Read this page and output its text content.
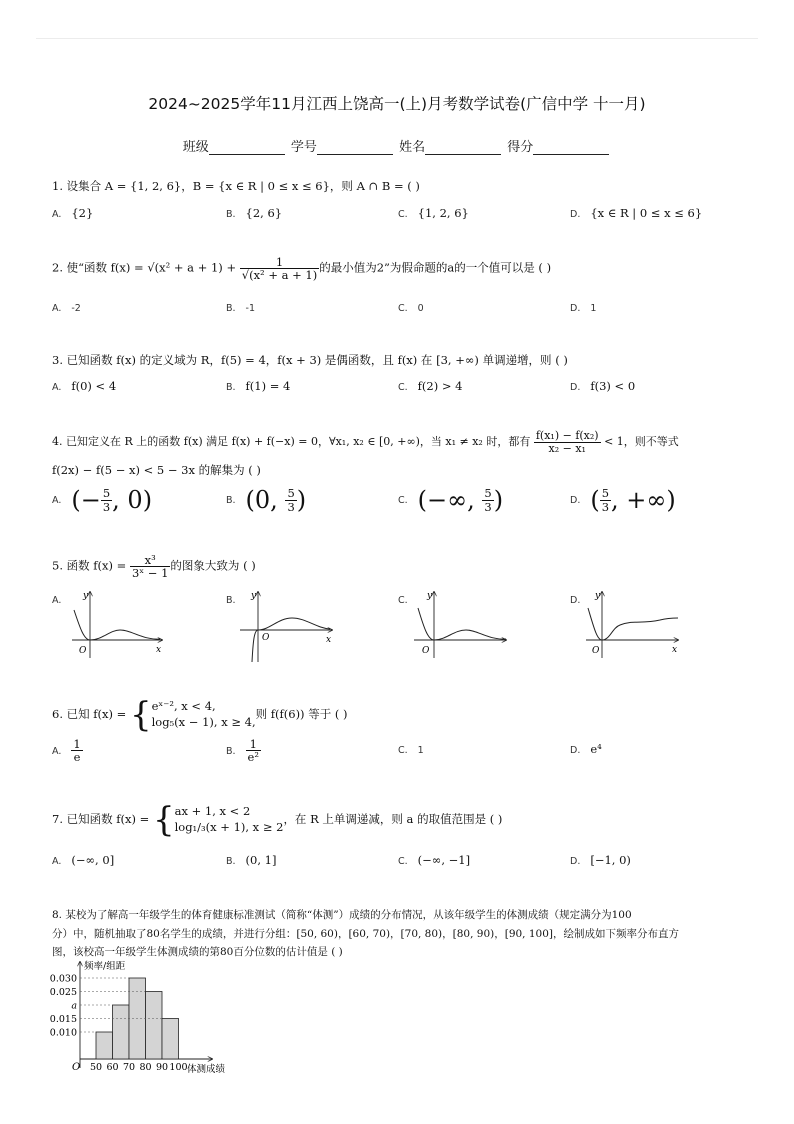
2024~2025学年11月江西上饶高一(上)月考数学试卷(广信中学 十一月)
班级	学号	姓名	得分
1. 设集合 A = {1, 2, 6}，B = {x ∈ R | 0 ≤ x ≤ 6}，则 A ∩ B = ( )
A. {2}	B. {2, 6}	C. {1, 2, 6}	D. {x ∈ R | 0 ≤ x ≤ 6}
2. 使“函数 $f(x) = √(x^2 + a + 1) + \frac{1}{\text{√(x² + a + 1)}}$ 的最小值为2”为假命题的a的一个值可以是 ( )
A. -2	B. -1	C. 0	D. 1
3. 已知函数 f(x) 的定义域为 R，f(5) = 4，f(x + 3) 是偶函数，且 f(x) 在 [3, +∞) 单调递增，则 ( )
A. f(0) < 4	B. f(1) = 4	C. f(2) > 4	D. f(3) < 0
4. 已知定义在 R 上的函数 f(x) 满足 f(x) + f(−x) = 0，∀x₁, x₂ ∈ [0, +∞)，当 x₁ ≠ x₂ 时，都有 $\frac{\text{f(x₁) − f(x₂)}}{\text{x₂ − x₁}} < 1$，则不等式
f(2x) − f(5 − x) < 5 − 3x 的解集为 ( )
A. (− $\frac{5}{3}$ , 0)	B. (0, $\frac{5}{3}$ )	C. (−∞, $\frac{5}{3}$ )	D. ( $\frac{5}{3}$ , +∞)
5. 函数 $f(x) = \frac{\text{x³}}{\text{3ˣ − 1}}$ 的图象大致为 ( )
A.	y
x
O
B.	y
x
O
C.	y
O
D.	y
x
O
6. 已知 f(x) = { eˣ⁻², x < 4,
log₅(x − 1), x ≥ 4,
则 f(f(6)) 等于 ( )
A. $\frac{1}{e}$	B. $\frac{1}{\text{e²}}$	C. 1	D. e⁴
7. 已知函数 f(x) = { ax + 1, x < 2
log₁/₃(x + 1), x ≥ 2
，在 R 上单调递减，则 a 的取值范围是 ( )
A. (−∞, 0]	B. (0, 1]	C. (−∞, −1]	D. [−1, 0)
8. 某校为了解高一年级学生的体育健康标准测试（简称“体测”）成绩的分布情况，从该年级学生的体测成绩（规定满分为100
分）中，随机抽取了80名学生的成绩，并进行分组：[50, 60)，[60, 70)，[70, 80)，[80, 90)，[90, 100]，绘制成如下频率分布直方
图，该校高一年级学生体测成绩的第80百分位数的估计值是 ( )
0.030
0.025
a
0.015
0.010
50 60 70 80 90 100
频率/组距
体测成绩
O
